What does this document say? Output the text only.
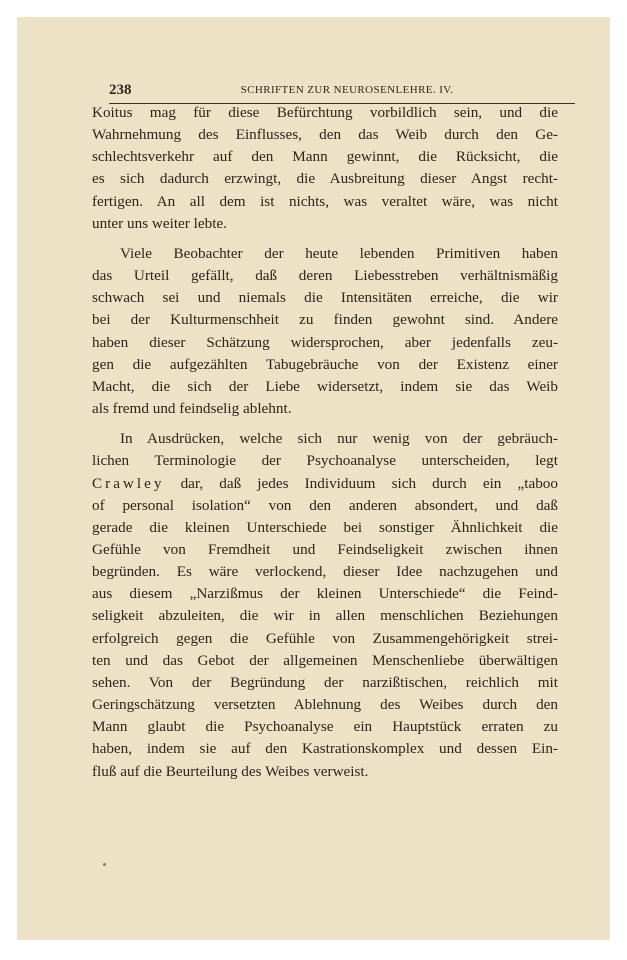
238	SCHRIFTEN ZUR NEUROSENLEHRE. IV.

Koitus mag für diese Befürchtung vorbildlich sein, und die
Wahrnehmung des Einflusses, den das Weib durch den Ge-
schlechtsverkehr auf den Mann gewinnt, die Rücksicht, die
es sich dadurch erzwingt, die Ausbreitung dieser Angst recht-
fertigen. An all dem ist nichts, was veraltet wäre, was nicht
unter uns weiter lebte.

Viele Beobachter der heute lebenden Primitiven haben
das Urteil gefällt, daß deren Liebesstreben verhältnismäßig
schwach sei und niemals die Intensitäten erreiche, die wir
bei der Kulturmenschheit zu finden gewohnt sind. Andere
haben dieser Schätzung widersprochen, aber jedenfalls zeu-
gen die aufgezählten Tabugebräuche von der Existenz einer
Macht, die sich der Liebe widersetzt, indem sie das Weib
als fremd und feindselig ablehnt.

In Ausdrücken, welche sich nur wenig von der gebräuch-
lichen Terminologie der Psychoanalyse unterscheiden, legt
Crawley dar, daß jedes Individuum sich durch ein „taboo
of personal isolation“ von den anderen absondert, und daß
gerade die kleinen Unterschiede bei sonstiger Ähnlichkeit die
Gefühle von Fremdheit und Feindseligkeit zwischen ihnen
begründen. Es wäre verlockend, dieser Idee nachzugehen und
aus diesem „Narzißmus der kleinen Unterschiede“ die Feind-
seligkeit abzuleiten, die wir in allen menschlichen Beziehungen
erfolgreich gegen die Gefühle von Zusammengehörigkeit strei-
ten und das Gebot der allgemeinen Menschenliebe überwältigen
sehen. Von der Begründung der narzißtischen, reichlich mit
Geringschätzung versetzten Ablehnung des Weibes durch den
Mann glaubt die Psychoanalyse ein Hauptstück erraten zu
haben, indem sie auf den Kastrationskomplex und dessen Ein-
fluß auf die Beurteilung des Weibes verweist.
